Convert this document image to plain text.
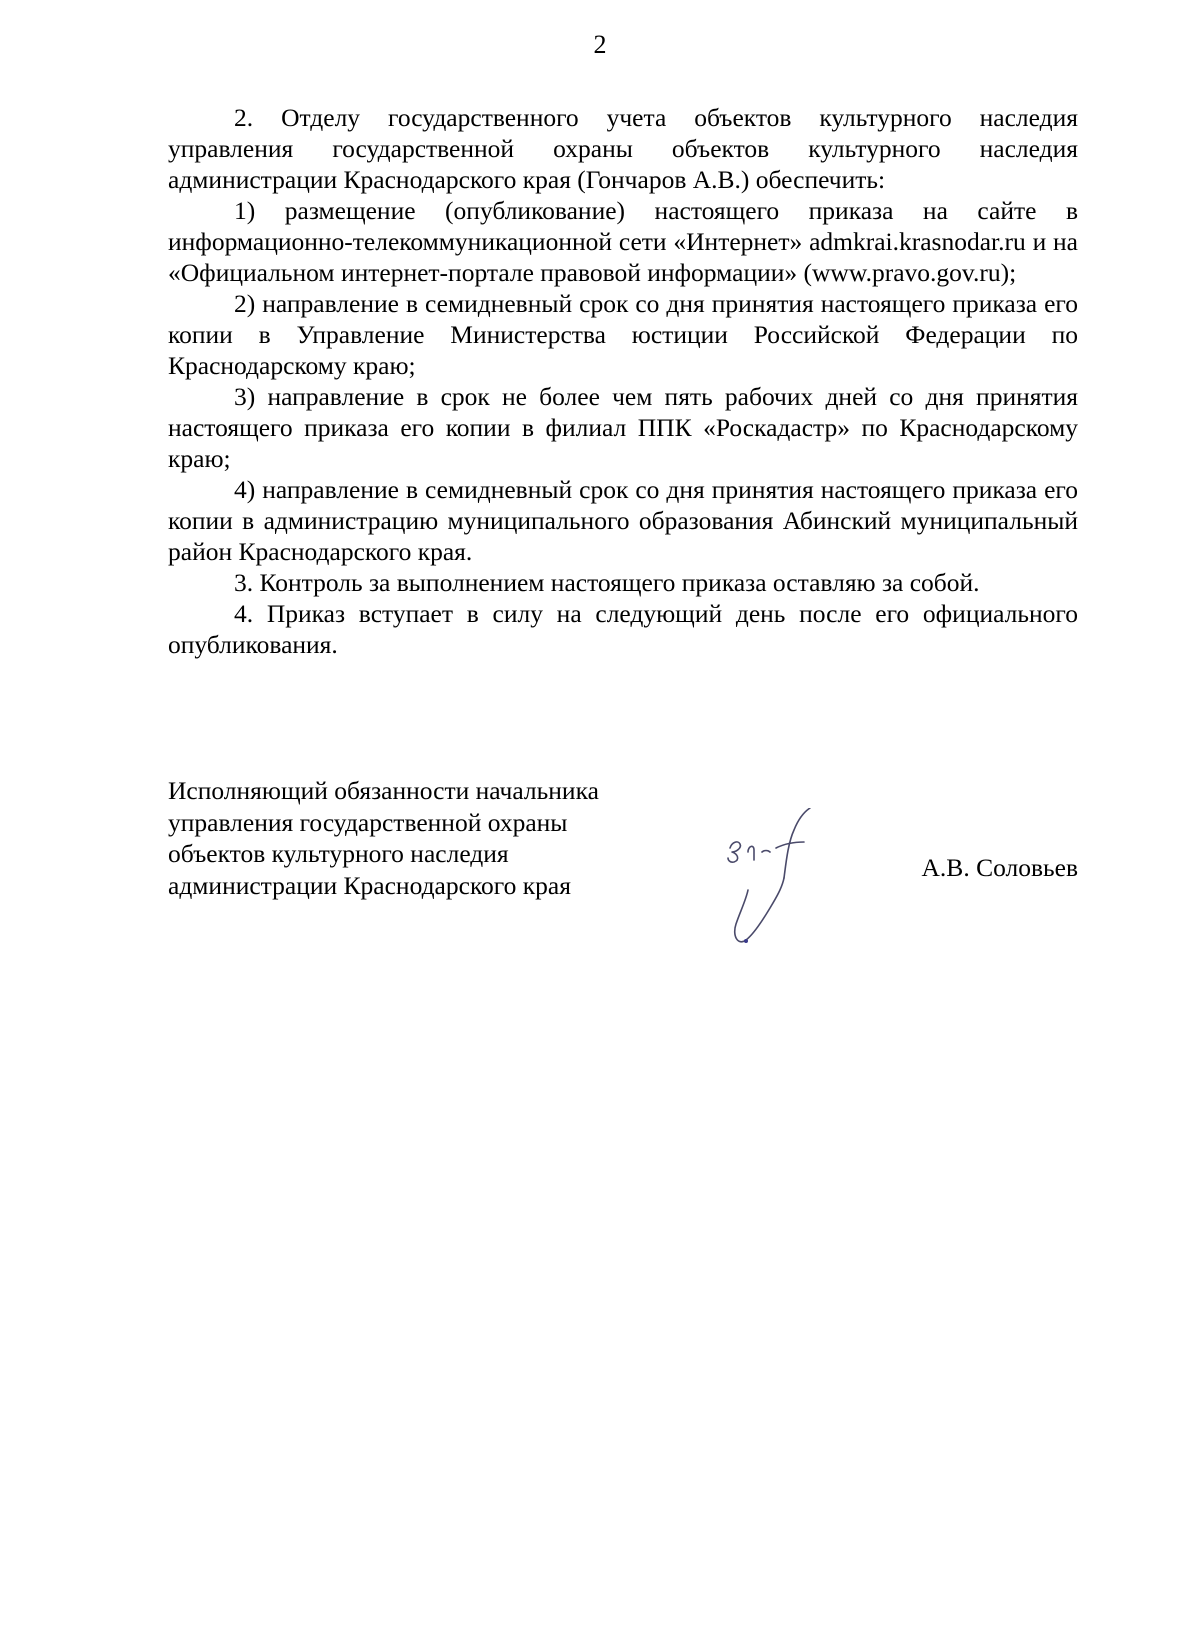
2

2. Отделу государственного учета объектов культурного наследия управления государственной охраны объектов культурного наследия администрации Краснодарского края (Гончаров А.В.) обеспечить:

1) размещение (опубликование) настоящего приказа на сайте в информационно-телекоммуникационной сети «Интернет» admkrai.krasnodar.ru и на «Официальном интернет-портале правовой информации» (www.pravo.gov.ru);

2) направление в семидневный срок со дня принятия настоящего приказа его копии в Управление Министерства юстиции Российской Федерации по Краснодарскому краю;

3) направление в срок не более чем пять рабочих дней со дня принятия настоящего приказа его копии в филиал ППК «Роскадастр» по Краснодарскому краю;

4) направление в семидневный срок со дня принятия настоящего приказа его копии в администрацию муниципального образования Абинский муниципальный район Краснодарского края.

3. Контроль за выполнением настоящего приказа оставляю за собой.

4. Приказ вступает в силу на следующий день после его официального опубликования.

Исполняющий обязанности начальника
управления государственной охраны
объектов культурного наследия
администрации Краснодарского края
А.В. Соловьев
